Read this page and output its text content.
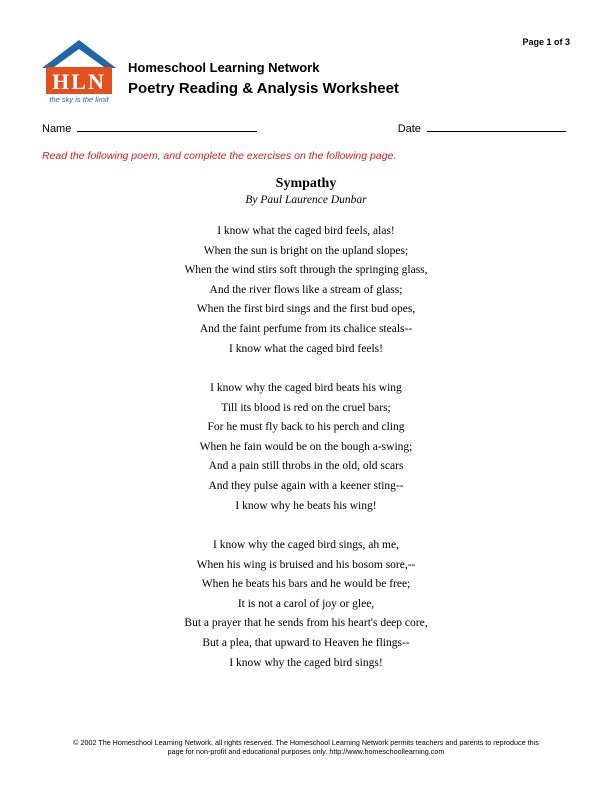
Page 1 of 3
HLN
the sky is the limit
Homeschool Learning Network
Poetry Reading & Analysis Worksheet
Name	Date
Read the following poem, and complete the exercises on the following page.
Sympathy
By Paul Laurence Dunbar
I know what the caged bird feels, alas!
When the sun is bright on the upland slopes;
When the wind stirs soft through the springing glass,
And the river flows like a stream of glass;
When the first bird sings and the first bud opes,
And the faint perfume from its chalice steals--
I know what the caged bird feels!
I know why the caged bird beats his wing
Till its blood is red on the cruel bars;
For he must fly back to his perch and cling
When he fain would be on the bough a-swing;
And a pain still throbs in the old, old scars
And they pulse again with a keener sting--
I know why he beats his wing!
I know why the caged bird sings, ah me,
When his wing is bruised and his bosom sore,--
When he beats his bars and he would be free;
It is not a carol of joy or glee,
But a prayer that he sends from his heart's deep core,
But a plea, that upward to Heaven he flings--
I know why the caged bird sings!
© 2002 The Homeschool Learning Network, all rights reserved. The Homeschool Learning Network permits teachers and parents to reproduce this
page for non-profit and educational purposes only. http://www.homeschoollearning.com
